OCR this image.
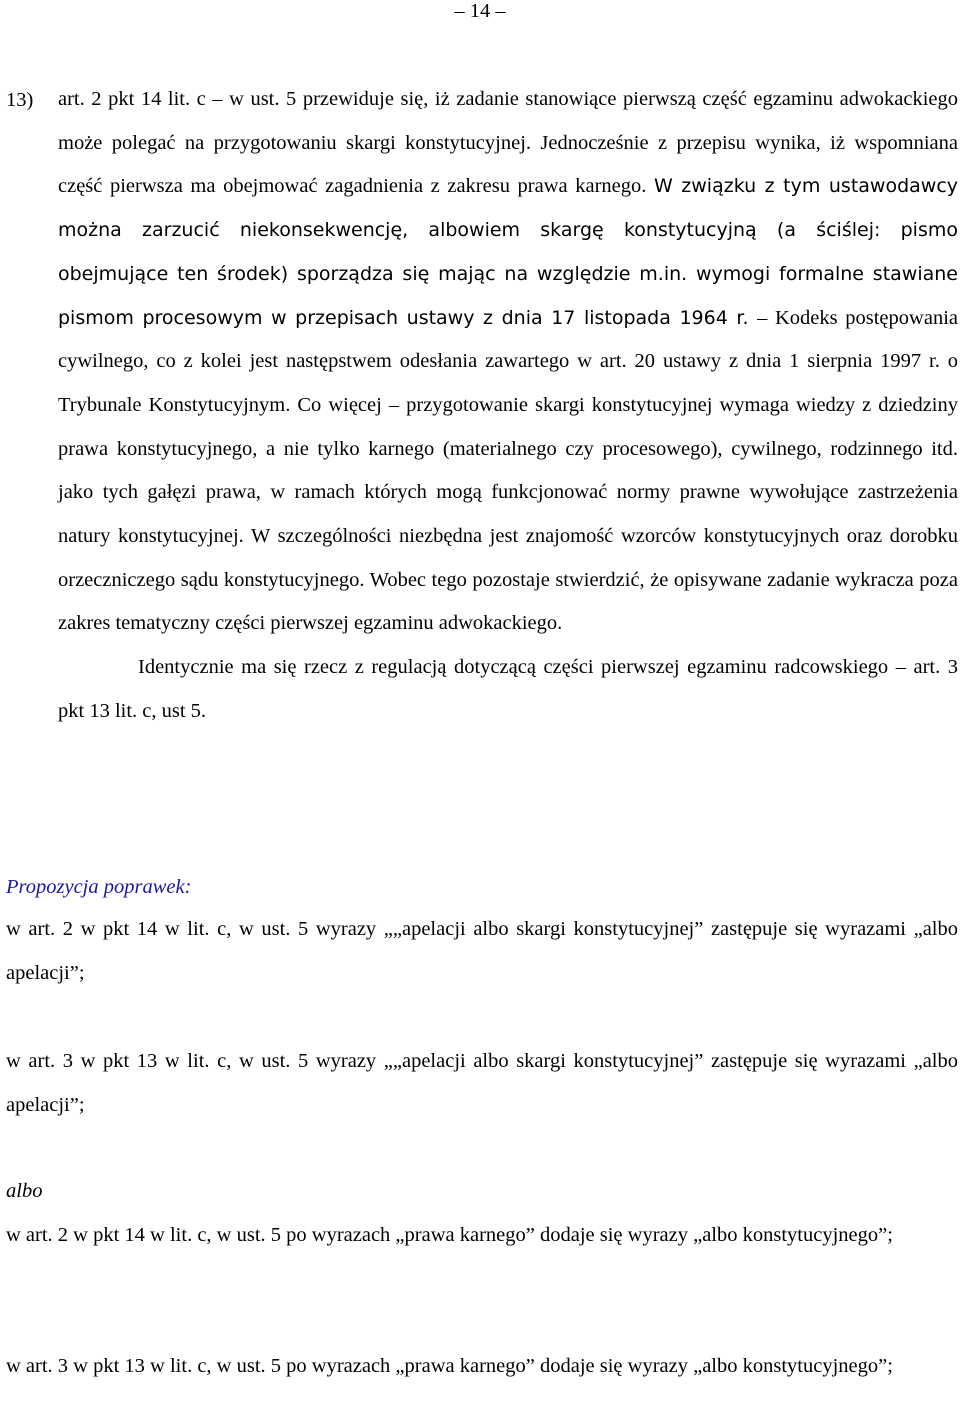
– 14 –
13) art. 2 pkt 14 lit. c – w ust. 5 przewiduje się, iż zadanie stanowiące pierwszą część egzaminu adwokackiego może polegać na przygotowaniu skargi konstytucyjnej. Jednocześnie z przepisu wynika, iż wspomniana część pierwsza ma obejmować zagadnienia z zakresu prawa karnego. W związku z tym ustawodawcy można zarzucić niekonsekwencję, albowiem skargę konstytucyjną (a ściślej: pismo obejmujące ten środek) sporządza się mając na względzie m.in. wymogi formalne stawiane pismom procesowym w przepisach ustawy z dnia 17 listopada 1964 r. – Kodeks postępowania cywilnego, co z kolei jest następstwem odesłania zawartego w art. 20 ustawy z dnia 1 sierpnia 1997 r. o Trybunale Konstytucyjnym. Co więcej – przygotowanie skargi konstytucyjnej wymaga wiedzy z dziedziny prawa konstytucyjnego, a nie tylko karnego (materialnego czy procesowego), cywilnego, rodzinnego itd. jako tych gałęzi prawa, w ramach których mogą funkcjonować normy prawne wywołujące zastrzeżenia natury konstytucyjnej. W szczególności niezbędna jest znajomość wzorców konstytucyjnych oraz dorobku orzeczniczego sądu konstytucyjnego. Wobec tego pozostaje stwierdzić, że opisywane zadanie wykracza poza zakres tematyczny części pierwszej egzaminu adwokackiego.
Identycznie ma się rzecz z regulacją dotyczącą części pierwszej egzaminu radcowskiego – art. 3 pkt 13 lit. c, ust 5.
Propozycja poprawek:
w art. 2 w pkt 14 w lit. c, w ust. 5 wyrazy „„apelacji albo skargi konstytucyjnej” zastępuje się wyrazami „albo apelacji”;
w art. 3 w pkt 13 w lit. c, w ust. 5 wyrazy „„apelacji albo skargi konstytucyjnej” zastępuje się wyrazami „albo apelacji”;
albo
w art. 2 w pkt 14 w lit. c, w ust. 5 po wyrazach „prawa karnego” dodaje się wyrazy „albo konstytucyjnego”;
w art. 3 w pkt 13 w lit. c, w ust. 5 po wyrazach „prawa karnego” dodaje się wyrazy „albo konstytucyjnego”;
